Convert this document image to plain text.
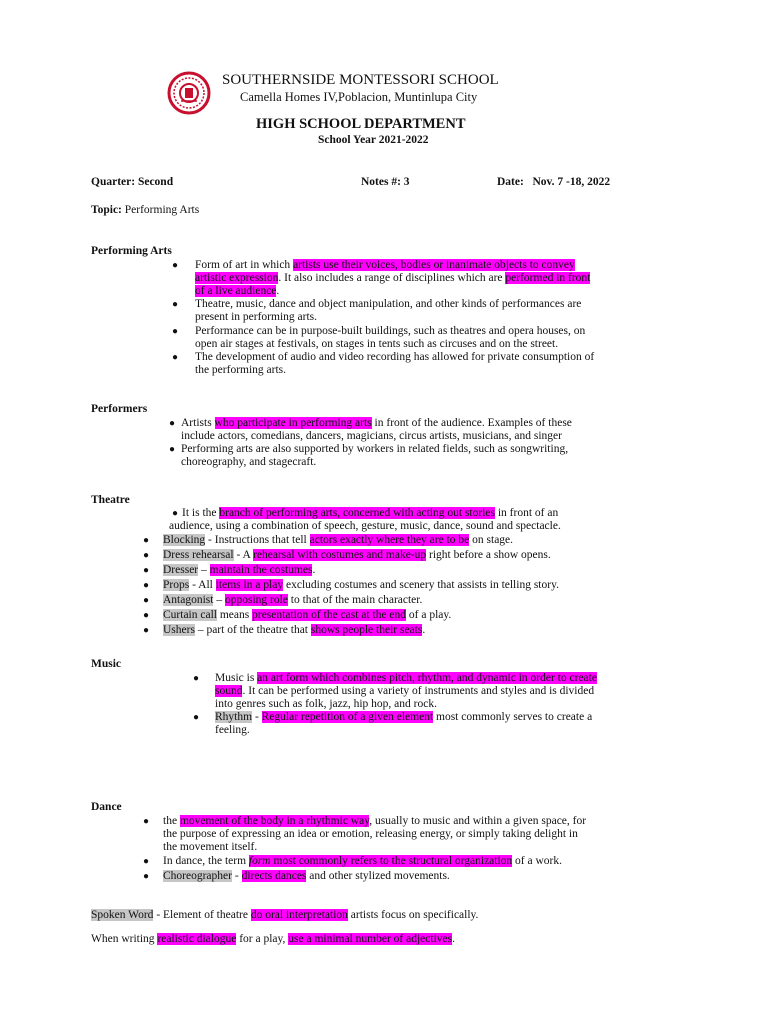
SOUTHERNSIDE MONTESSORI SCHOOL
Camella Homes IV,Poblacion, Muntinlupa City
HIGH SCHOOL DEPARTMENT
School Year 2021-2022
Quarter: Second	Notes #: 3	Date: Nov. 7 -18, 2022
Topic: Performing Arts
Performing Arts
● Form of art in which artists use their voices, bodies or inanimate objects to convey
artistic expression. It also includes a range of disciplines which are performed in front
of a live audience.
● Theatre, music, dance and object manipulation, and other kinds of performances are
present in performing arts.
● Performance can be in purpose-built buildings, such as theatres and opera houses, on
open air stages at festivals, on stages in tents such as circuses and on the street.
● The development of audio and video recording has allowed for private consumption of
the performing arts.
Performers
● Artists who participate in performing arts in front of the audience. Examples of these
include actors, comedians, dancers, magicians, circus artists, musicians, and singer
● Performing arts are also supported by workers in related fields, such as songwriting,
choreography, and stagecraft.
Theatre
● It is the branch of performing arts, concerned with acting out stories in front of an
audience, using a combination of speech, gesture, music, dance, sound and spectacle.
● Blocking - Instructions that tell actors exactly where they are to be on stage.
● Dress rehearsal - A rehearsal with costumes and make-up right before a show opens.
● Dresser – maintain the costumes.
● Props - All items in a play excluding costumes and scenery that assists in telling story.
● Antagonist – opposing role to that of the main character.
● Curtain call means presentation of the cast at the end of a play.
● Ushers – part of the theatre that shows people their seats.
Music
● Music is an art form which combines pitch, rhythm, and dynamic in order to create
sound. It can be performed using a variety of instruments and styles and is divided
into genres such as folk, jazz, hip hop, and rock.
● Rhythm - Regular repetition of a given element most commonly serves to create a
feeling.
Dance
● the movement of the body in a rhythmic way, usually to music and within a given space, for
the purpose of expressing an idea or emotion, releasing energy, or simply taking delight in
the movement itself.
● In dance, the term form most commonly refers to the structural organization of a work.
● Choreographer - directs dances and other stylized movements.
Spoken Word - Element of theatre do oral interpretation artists focus on specifically.
When writing realistic dialogue for a play, use a minimal number of adjectives.
